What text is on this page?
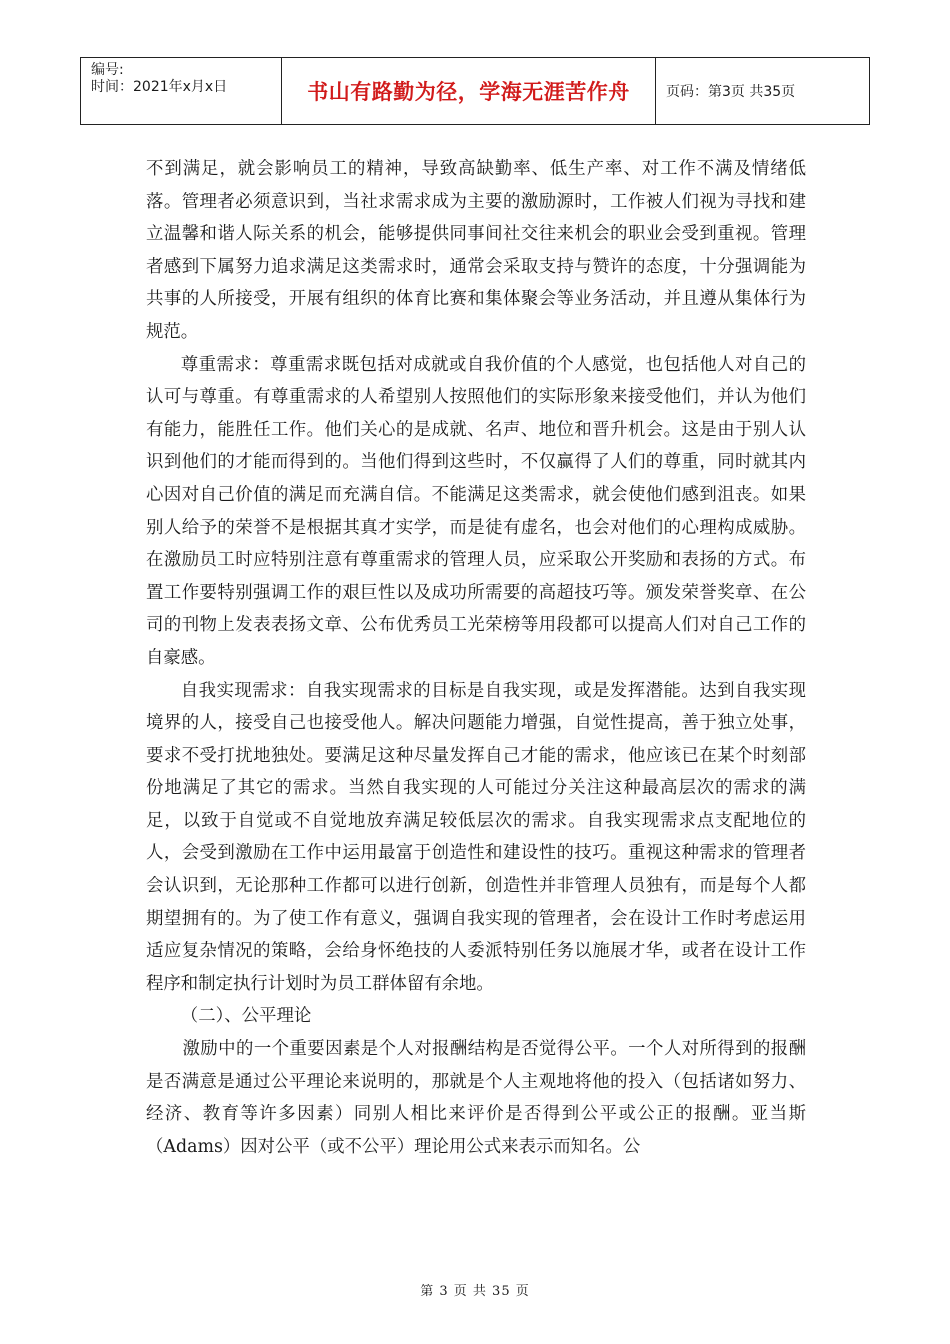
编号:
时间：2021年x月x日	书山有路勤为径，学海无涯苦作舟	页码：第3页 共35页

不到满足，就会影响员工的精神，导致高缺勤率、低生产率、对工作不满及情绪低落。管理者必须意识到，当社求需求成为主要的激励源时，工作被人们视为寻找和建立温馨和谐人际关系的机会，能够提供同事间社交往来机会的职业会受到重视。管理者感到下属努力追求满足这类需求时，通常会采取支持与赞许的态度，十分强调能为共事的人所接受，开展有组织的体育比赛和集体聚会等业务活动，并且遵从集体行为规范。

尊重需求：尊重需求既包括对成就或自我价值的个人感觉，也包括他人对自己的认可与尊重。有尊重需求的人希望别人按照他们的实际形象来接受他们，并认为他们有能力，能胜任工作。他们关心的是成就、名声、地位和晋升机会。这是由于别人认识到他们的才能而得到的。当他们得到这些时，不仅赢得了人们的尊重，同时就其内心因对自己价值的满足而充满自信。不能满足这类需求，就会使他们感到沮丧。如果别人给予的荣誉不是根据其真才实学，而是徒有虚名，也会对他们的心理构成威胁。在激励员工时应特别注意有尊重需求的管理人员，应采取公开奖励和表扬的方式。布置工作要特别强调工作的艰巨性以及成功所需要的高超技巧等。颁发荣誉奖章、在公司的刊物上发表表扬文章、公布优秀员工光荣榜等用段都可以提高人们对自己工作的自豪感。

自我实现需求：自我实现需求的目标是自我实现，或是发挥潜能。达到自我实现境界的人，接受自己也接受他人。解决问题能力增强，自觉性提高，善于独立处事，要求不受打扰地独处。要满足这种尽量发挥自己才能的需求，他应该已在某个时刻部份地满足了其它的需求。当然自我实现的人可能过分关注这种最高层次的需求的满足，以致于自觉或不自觉地放弃满足较低层次的需求。自我实现需求点支配地位的人，会受到激励在工作中运用最富于创造性和建设性的技巧。重视这种需求的管理者会认识到，无论那种工作都可以进行创新，创造性并非管理人员独有，而是每个人都期望拥有的。为了使工作有意义，强调自我实现的管理者，会在设计工作时考虑运用适应复杂情况的策略，会给身怀绝技的人委派特别任务以施展才华，或者在设计工作程序和制定执行计划时为员工群体留有余地。

（二）、公平理论

激励中的一个重要因素是个人对报酬结构是否觉得公平。一个人对所得到的报酬是否满意是通过公平理论来说明的，那就是个人主观地将他的投入（包括诸如努力、经济、教育等许多因素）同别人相比来评价是否得到公平或公正的报酬。亚当斯（Adams）因对公平（或不公平）理论用公式来表示而知名。公

第 3 页 共 35 页
